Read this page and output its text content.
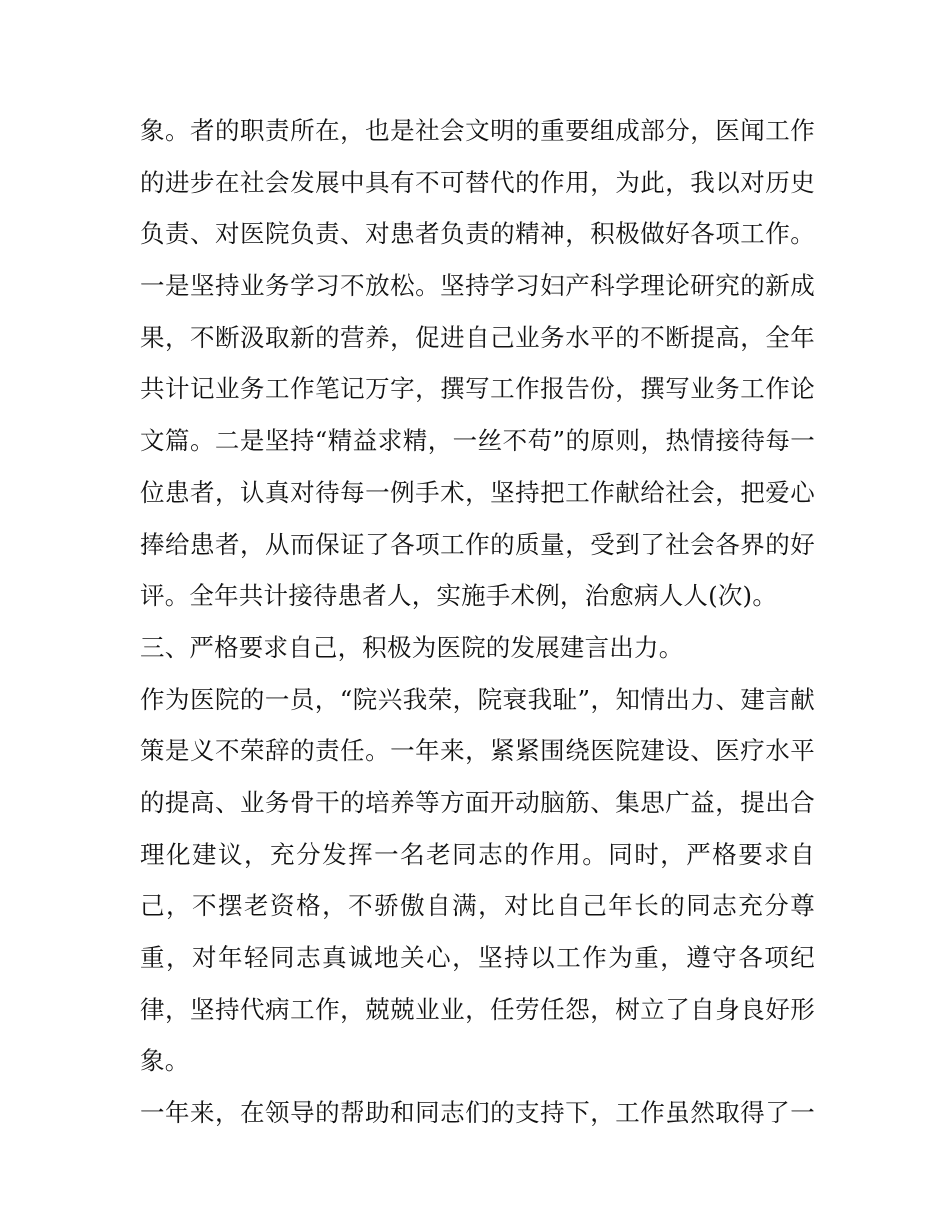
象。者的职责所在，也是社会文明的重要组成部分，医闻工作
的进步在社会发展中具有不可替代的作用，为此，我以对历史
负责、对医院负责、对患者负责的精神，积极做好各项工作。
一是坚持业务学习不放松。坚持学习妇产科学理论研究的新成
果，不断汲取新的营养，促进自己业务水平的不断提高，全年
共计记业务工作笔记万字，撰写工作报告份，撰写业务工作论
文篇。二是坚持“精益求精，一丝不苟”的原则，热情接待每一
位患者，认真对待每一例手术，坚持把工作献给社会，把爱心
捧给患者，从而保证了各项工作的质量，受到了社会各界的好
评。全年共计接待患者人，实施手术例，治愈病人人(次)。
三、严格要求自己，积极为医院的发展建言出力。
作为医院的一员，“院兴我荣，院衰我耻”，知情出力、建言献
策是义不荣辞的责任。一年来，紧紧围绕医院建设、医疗水平
的提高、业务骨干的培养等方面开动脑筋、集思广益，提出合
理化建议，充分发挥一名老同志的作用。同时，严格要求自
己，不摆老资格，不骄傲自满，对比自己年长的同志充分尊
重，对年轻同志真诚地关心，坚持以工作为重，遵守各项纪
律，坚持代病工作，兢兢业业，任劳任怨，树立了自身良好形
象。
一年来，在领导的帮助和同志们的支持下，工作虽然取得了一
